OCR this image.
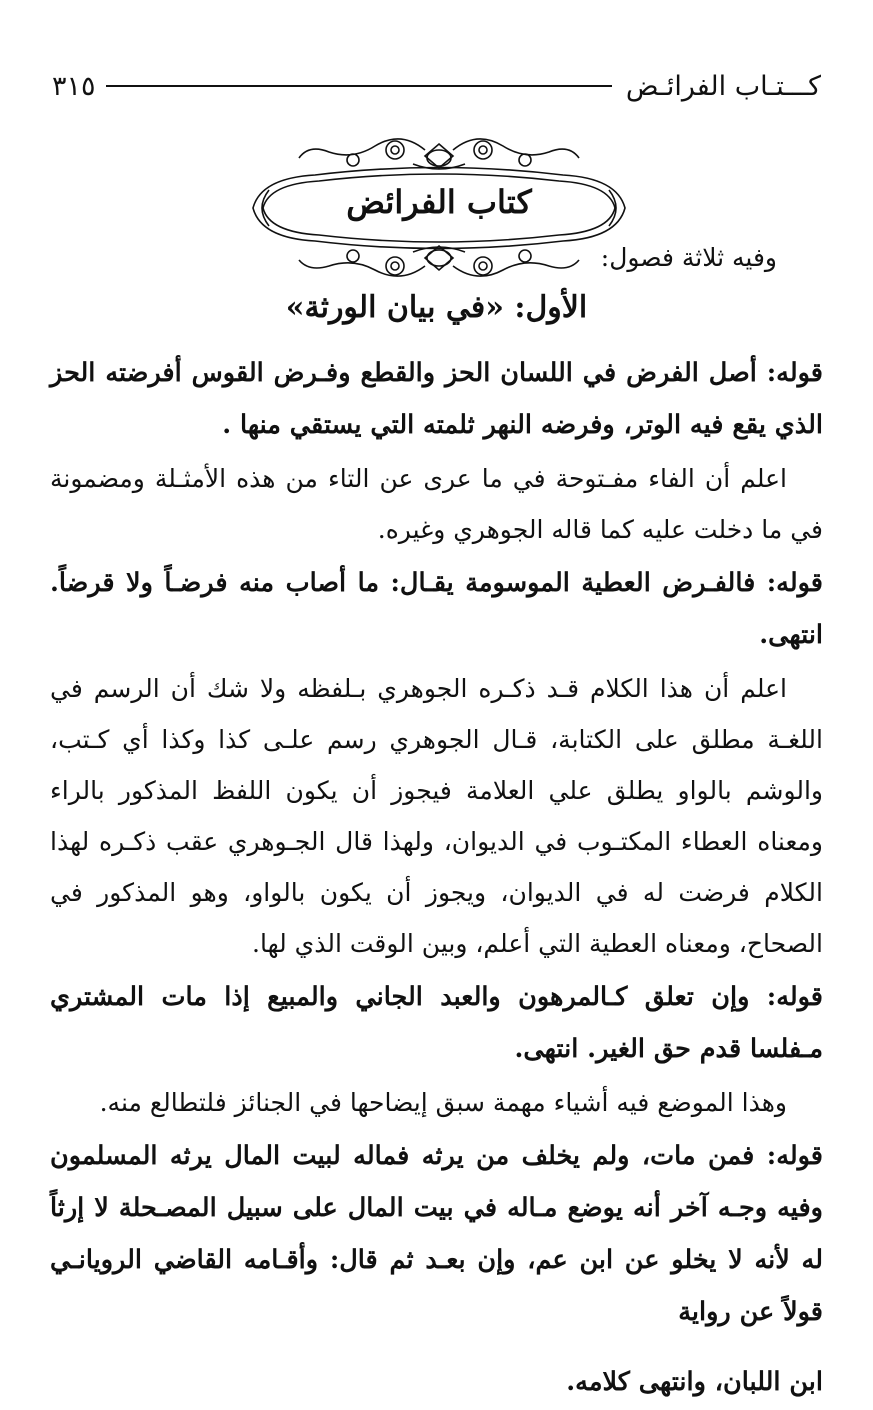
كـــتـاب الفرائـض
٣١٥
كتاب الفرائض
وفيه ثلاثة فصول:
الأول: «في بيان الورثة»

قوله: أصل الفرض في اللسان الحز والقطع وفـرض القوس أفرضته الحز الذي يقع فيه الوتر، وفرضه النهر ثلمته التي يستقي منها .

اعلم أن الفاء مفـتوحة في ما عرى عن التاء من هذه الأمثـلة ومضمونة في ما دخلت عليه كما قاله الجوهري وغيره.

قوله: فالفـرض العطية الموسومة يقـال: ما أصاب منه فرضـاً ولا قرضاً. انتهى.

اعلم أن هذا الكلام قـد ذكـره الجوهري بـلفظه ولا شك أن الرسم في اللغـة مطلق على الكتابة، قـال الجوهري رسم علـى كذا وكذا أي كـتب، والوشم بالواو يطلق علي العلامة فيجوز أن يكون اللفظ المذكور بالراء ومعناه العطاء المكتـوب في الديوان، ولهذا قال الجـوهري عقب ذكـره لهذا الكلام فرضت له في الديوان، ويجوز أن يكون بالواو، وهو المذكور في الصحاح، ومعناه العطية التي أعلم، وبين الوقت الذي لها.

قوله: وإن تعلق كـالمرهون والعبد الجاني والمبيع إذا مات المشتري مـفلسا قدم حق الغير. انتهى.

وهذا الموضع فيه أشياء مهمة سبق إيضاحها في الجنائز فلتطالع منه.

قوله: فمن مات، ولم يخلف من يرثه فماله لبيت المال يرثه المسلمون وفيه وجـه آخر أنه يوضع مـاله في بيت المال على سبيل المصـحلة لا إرثاً له لأنه لا يخلو عن ابن عم، وإن بعـد ثم قال: وأقـامه القاضي الرويانـي قولاً عن رواية

ابن اللبان، وانتهى كلامه.
